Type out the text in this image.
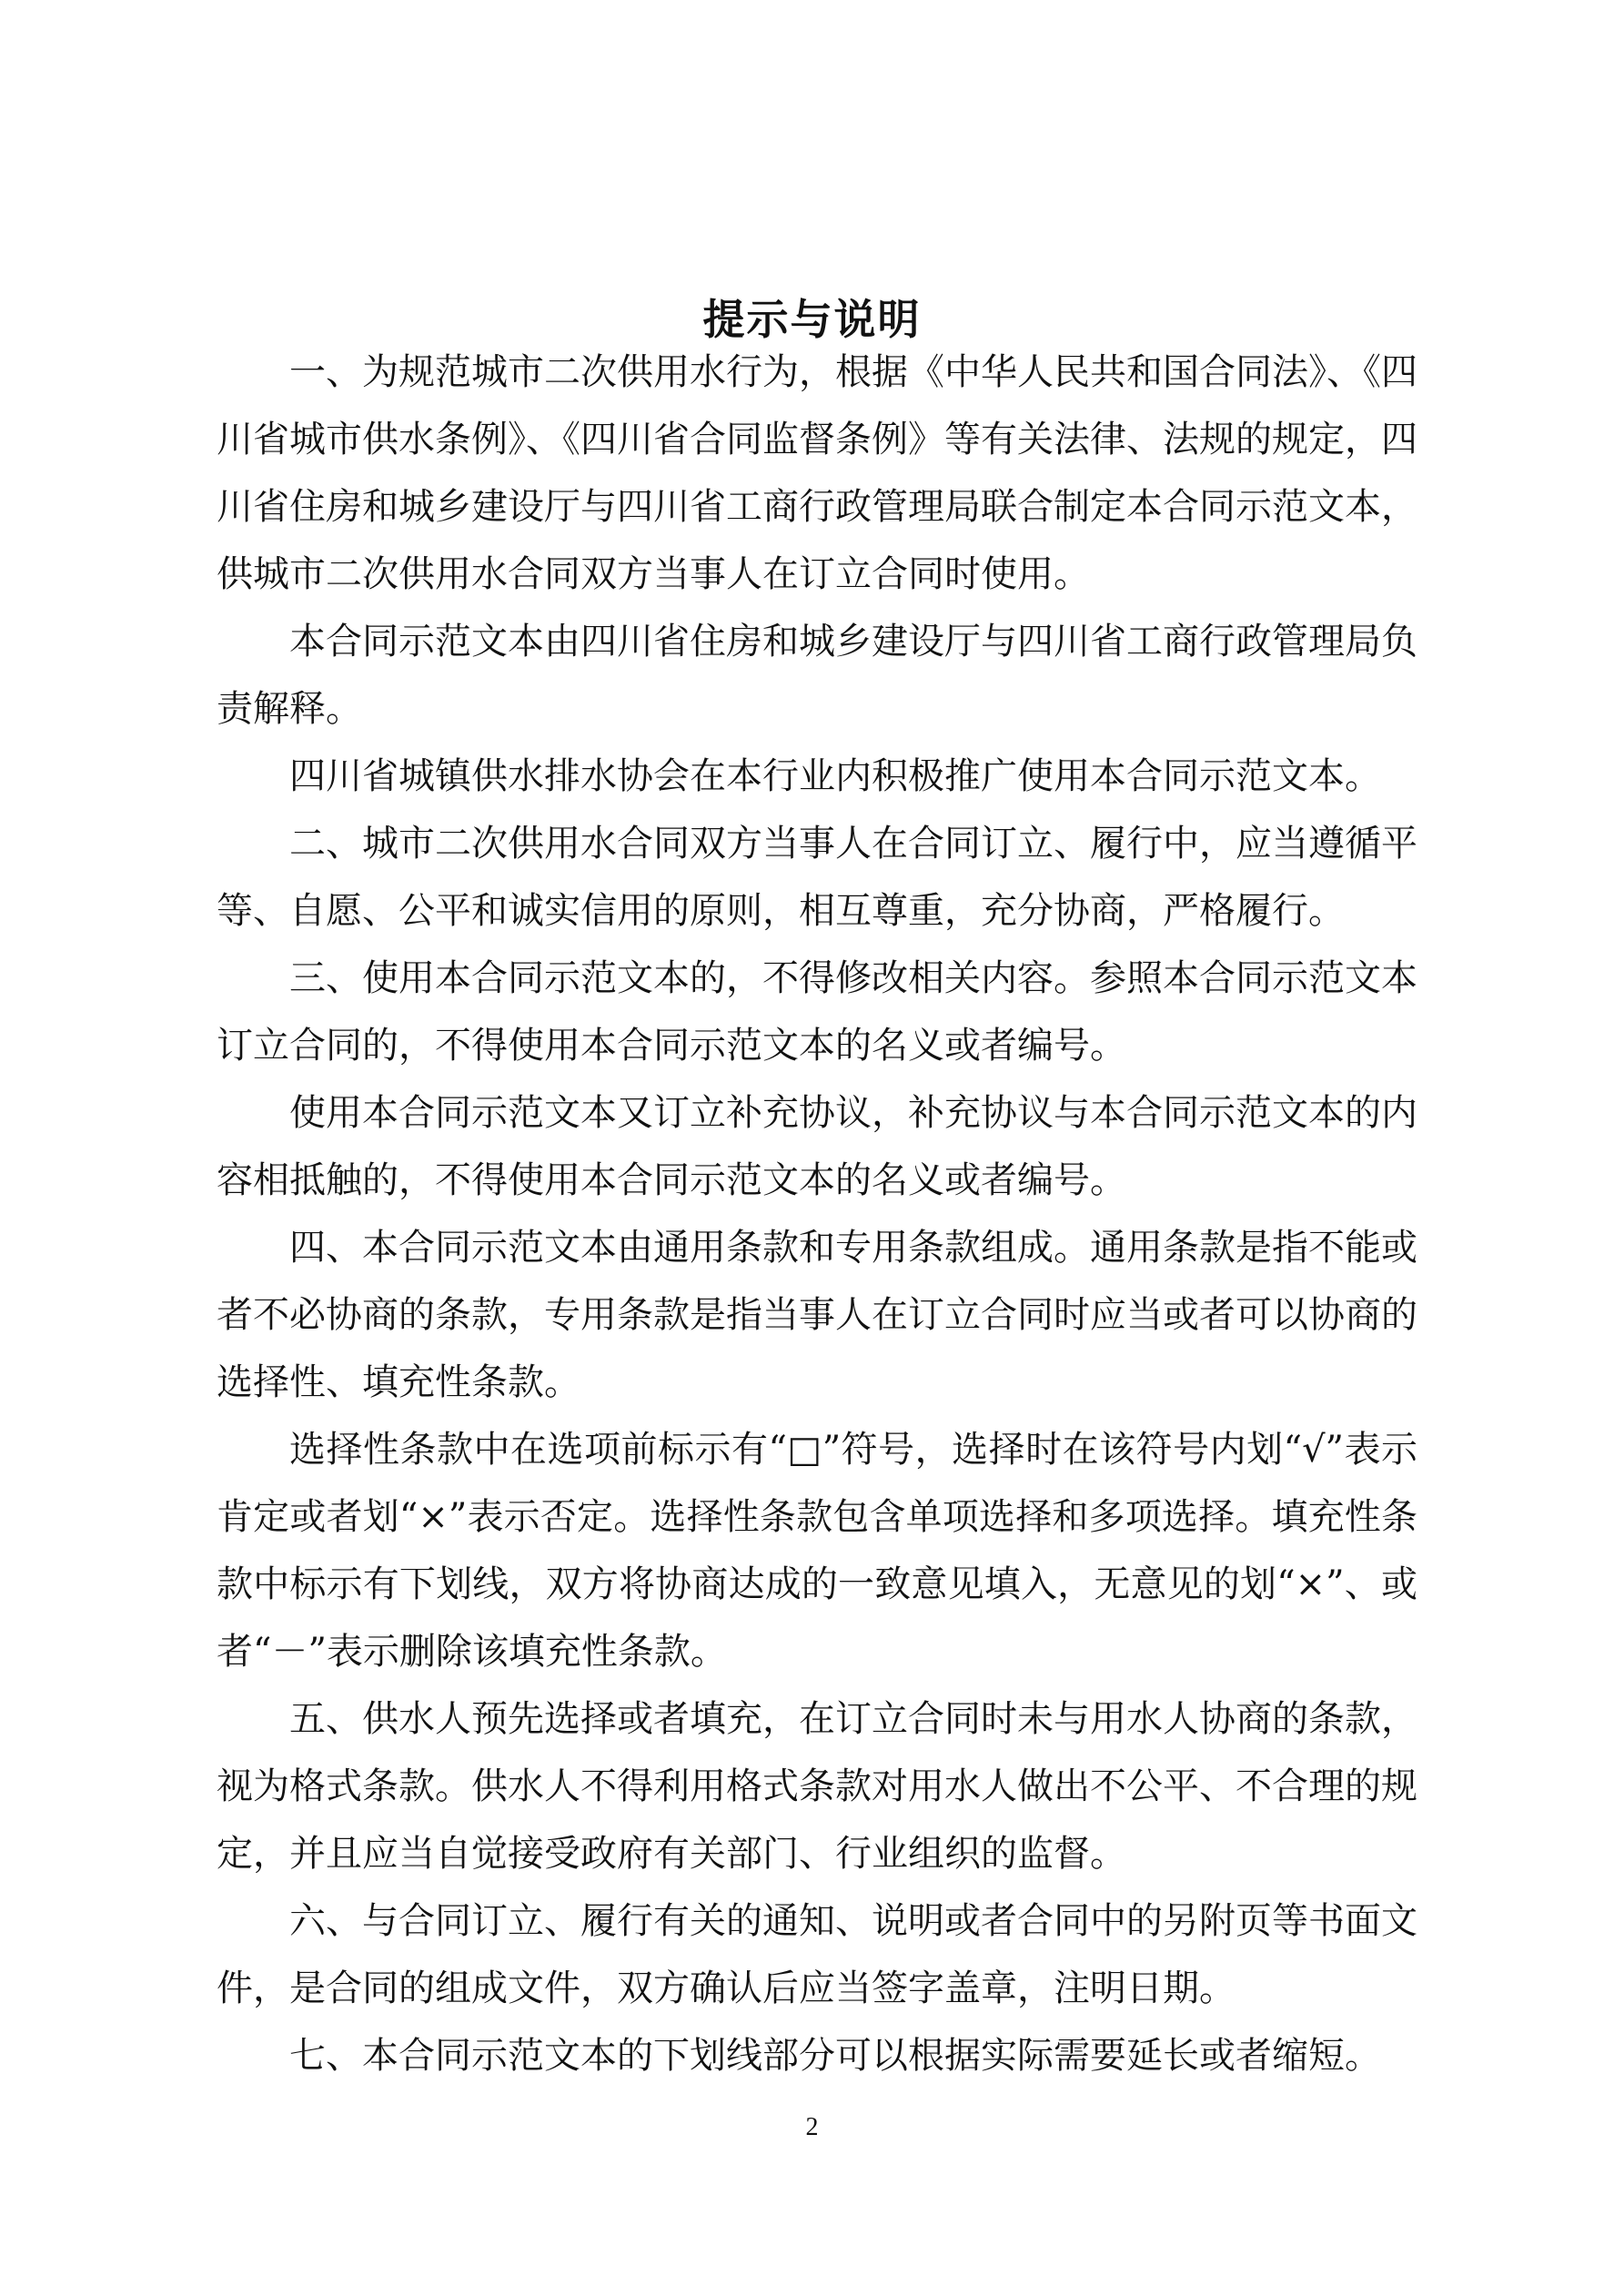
提示与说明

一、为规范城市二次供用水行为，根据《中华人民共和国合同法》、《四川省城市供水条例》、《四川省合同监督条例》等有关法律、法规的规定，四川省住房和城乡建设厅与四川省工商行政管理局联合制定本合同示范文本，供城市二次供用水合同双方当事人在订立合同时使用。

本合同示范文本由四川省住房和城乡建设厅与四川省工商行政管理局负责解释。

四川省城镇供水排水协会在本行业内积极推广使用本合同示范文本。

二、城市二次供用水合同双方当事人在合同订立、履行中，应当遵循平等、自愿、公平和诚实信用的原则，相互尊重，充分协商，严格履行。

三、使用本合同示范文本的，不得修改相关内容。参照本合同示范文本订立合同的，不得使用本合同示范文本的名义或者编号。

使用本合同示范文本又订立补充协议，补充协议与本合同示范文本的内容相抵触的，不得使用本合同示范文本的名义或者编号。

四、本合同示范文本由通用条款和专用条款组成。通用条款是指不能或者不必协商的条款，专用条款是指当事人在订立合同时应当或者可以协商的选择性、填充性条款。

选择性条款中在选项前标示有“□”符号，选择时在该符号内划“√”表示肯定或者划“×”表示否定。选择性条款包含单项选择和多项选择。填充性条款中标示有下划线，双方将协商达成的一致意见填入，无意见的划“×”、或者“－”表示删除该填充性条款。

五、供水人预先选择或者填充，在订立合同时未与用水人协商的条款，视为格式条款。供水人不得利用格式条款对用水人做出不公平、不合理的规定，并且应当自觉接受政府有关部门、行业组织的监督。

六、与合同订立、履行有关的通知、说明或者合同中的另附页等书面文件，是合同的组成文件，双方确认后应当签字盖章，注明日期。

七、本合同示范文本的下划线部分可以根据实际需要延长或者缩短。

2
